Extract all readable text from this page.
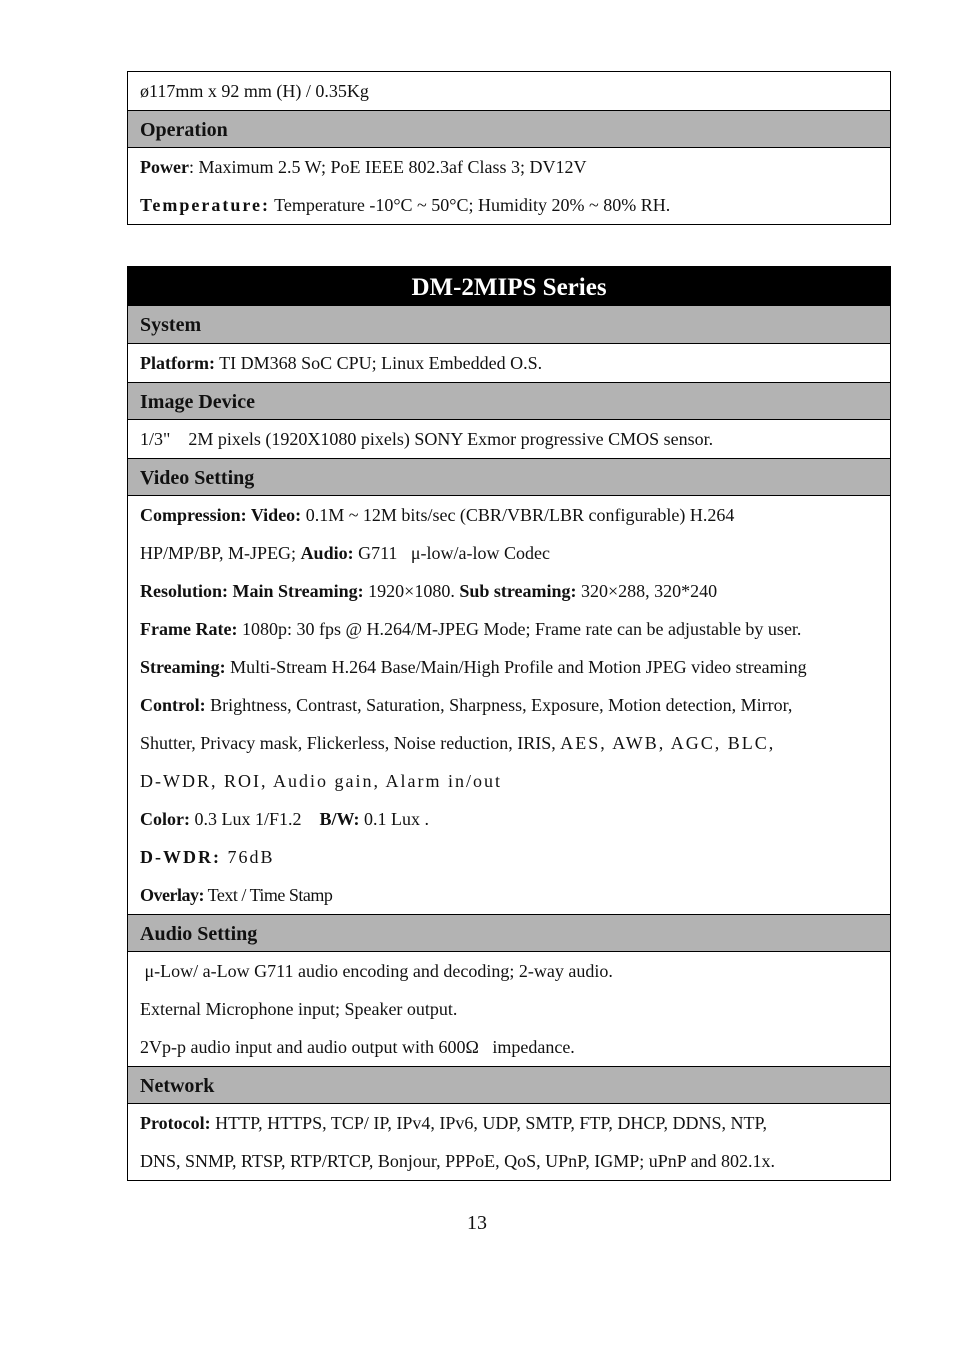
ø117mm x 92 mm (H) / 0.35Kg
Operation
Power: Maximum 2.5 W; PoE IEEE 802.3af Class 3; DV12V
Temperature: Temperature -10°C ~ 50°C; Humidity 20% ~ 80% RH.
DM-2MIPS Series
System
Platform: TI DM368 SoC CPU; Linux Embedded O.S.
Image Device
1/3"    2M pixels (1920X1080 pixels) SONY Exmor progressive CMOS sensor.
Video Setting
Compression: Video: 0.1M ~ 12M bits/sec (CBR/VBR/LBR configurable) H.264
HP/MP/BP, M-JPEG; Audio: G711   μ-low/a-low Codec
Resolution: Main Streaming: 1920×1080. Sub streaming: 320×288, 320*240
Frame Rate: 1080p: 30 fps @ H.264/M-JPEG Mode; Frame rate can be adjustable by user.
Streaming: Multi-Stream H.264 Base/Main/High Profile and Motion JPEG video streaming
Control: Brightness, Contrast, Saturation, Sharpness, Exposure, Motion detection, Mirror,
Shutter, Privacy mask, Flickerless, Noise reduction, IRIS, AES, AWB, AGC, BLC,
D-WDR, ROI, Audio gain, Alarm in/out
Color: 0.3 Lux 1/F1.2    B/W: 0.1 Lux .
D-WDR: 76dB
Overlay: Text / Time Stamp
Audio Setting
μ-Low/ a-Low G711 audio encoding and decoding; 2-way audio.
External Microphone input; Speaker output.
2Vp-p audio input and audio output with 600Ω   impedance.
Network
Protocol: HTTP, HTTPS, TCP/ IP, IPv4, IPv6, UDP, SMTP, FTP, DHCP, DDNS, NTP,
DNS, SNMP, RTSP, RTP/RTCP, Bonjour, PPPoE, QoS, UPnP, IGMP; uPnP and 802.1x.
13
